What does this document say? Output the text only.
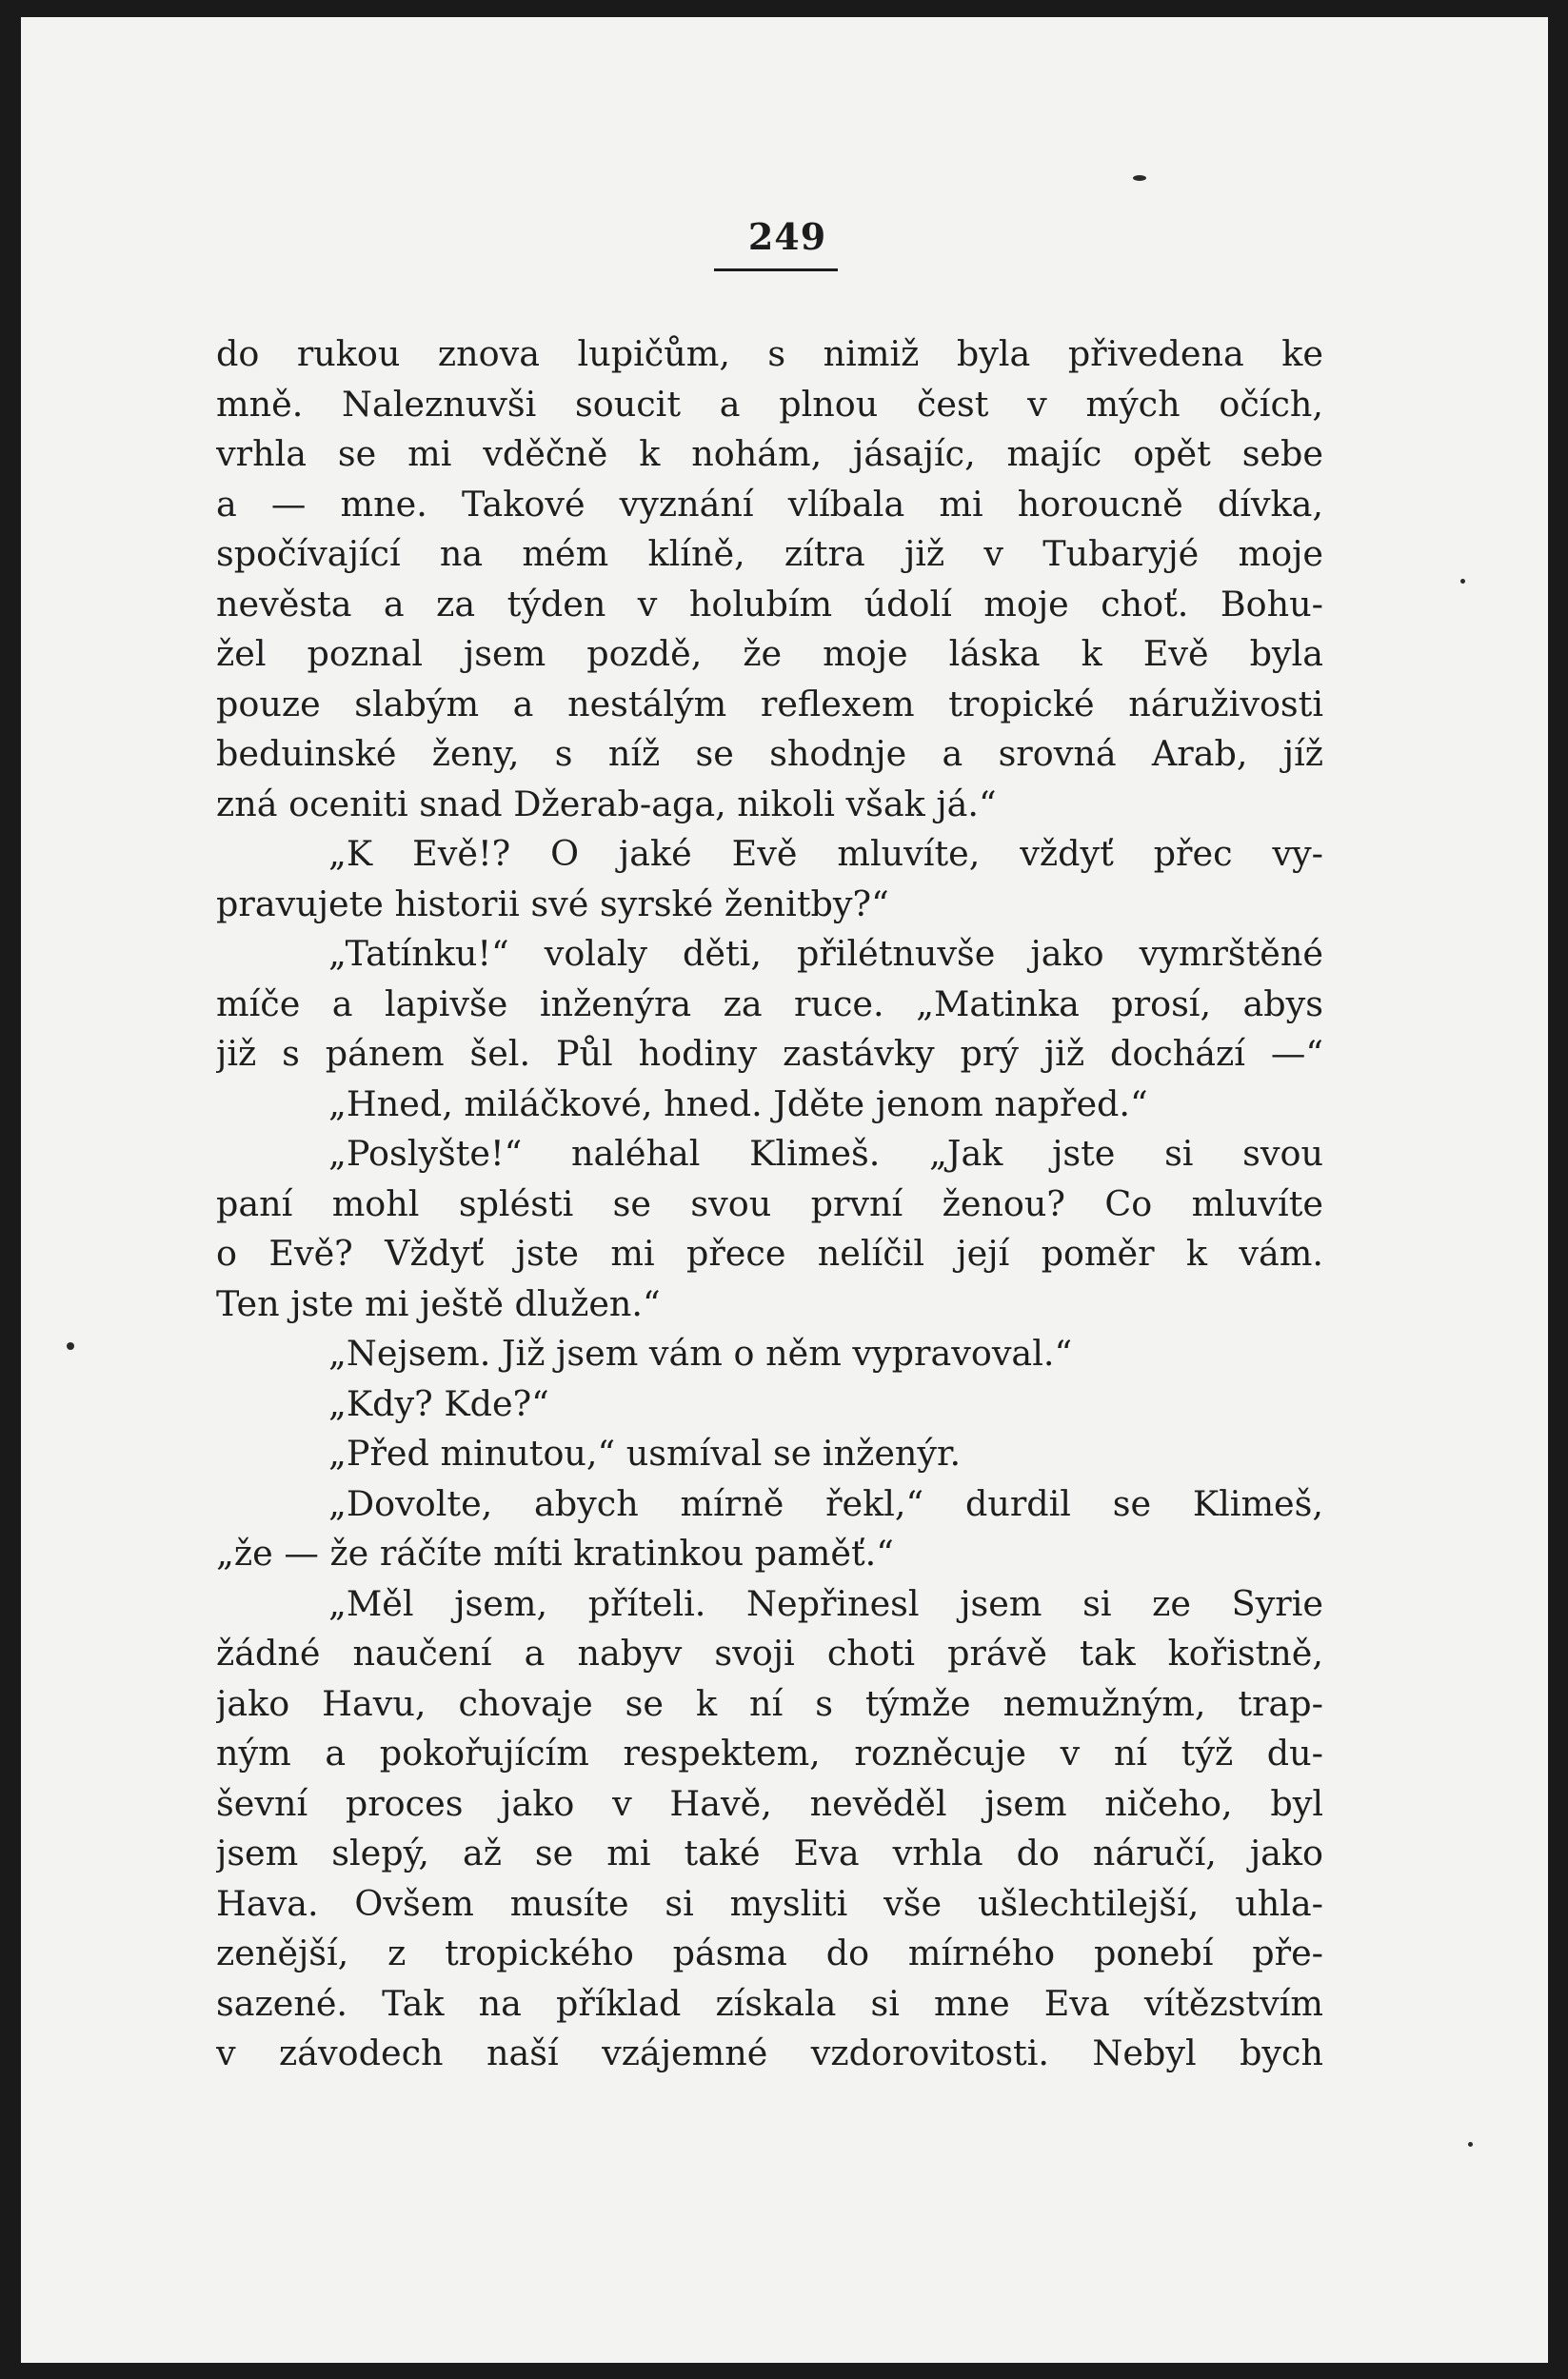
249
do rukou znova lupičům, s nimiž byla přivedena ke
mně. Naleznuvši soucit a plnou čest v mých očích,
vrhla se mi vděčně k nohám, jásajíc, majíc opět sebe
a — mne. Takové vyznání vlíbala mi horoucně dívka,
spočívající na mém klíně, zítra již v Tubaryjé moje
nevěsta a za týden v holubím údolí moje choť. Bohu-
žel poznal jsem pozdě, že moje láska k Evě byla
pouze slabým a nestálým reflexem tropické náruživosti
beduinské ženy, s níž se shodnje a srovná Arab, jíž
zná oceniti snad Džerab-aga, nikoli však já.“
„K Evě!? O jaké Evě mluvíte, vždyť přec vy-
pravujete historii své syrské ženitby?“
„Tatínku!“ volaly děti, přilétnuvše jako vymrštěné
míče a lapivše inženýra za ruce. „Matinka prosí, abys
již s pánem šel. Půl hodiny zastávky prý již dochází —“
„Hned, miláčkové, hned. Jděte jenom napřed.“
„Poslyšte!“ naléhal Klimeš. „Jak jste si svou
paní mohl splésti se svou první ženou? Co mluvíte
o Evě? Vždyť jste mi přece nelíčil její poměr k vám.
Ten jste mi ještě dlužen.“
„Nejsem. Již jsem vám o něm vypravoval.“
„Kdy? Kde?“
„Před minutou,“ usmíval se inženýr.
„Dovolte, abych mírně řekl,“ durdil se Klimeš,
„že — že ráčíte míti kratinkou paměť.“
„Měl jsem, příteli. Nepřinesl jsem si ze Syrie
žádné naučení a nabyv svoji choti právě tak kořistně,
jako Havu, chovaje se k ní s týmže nemužným, trap-
ným a pokořujícím respektem, rozněcuje v ní týž du-
ševní proces jako v Havě, nevěděl jsem ničeho, byl
jsem slepý, až se mi také Eva vrhla do náručí, jako
Hava. Ovšem musíte si mysliti vše ušlechtilejší, uhla-
zenější, z tropického pásma do mírného ponebí pře-
sazené. Tak na příklad získala si mne Eva vítězstvím
v závodech naší vzájemné vzdorovitosti. Nebyl bych
